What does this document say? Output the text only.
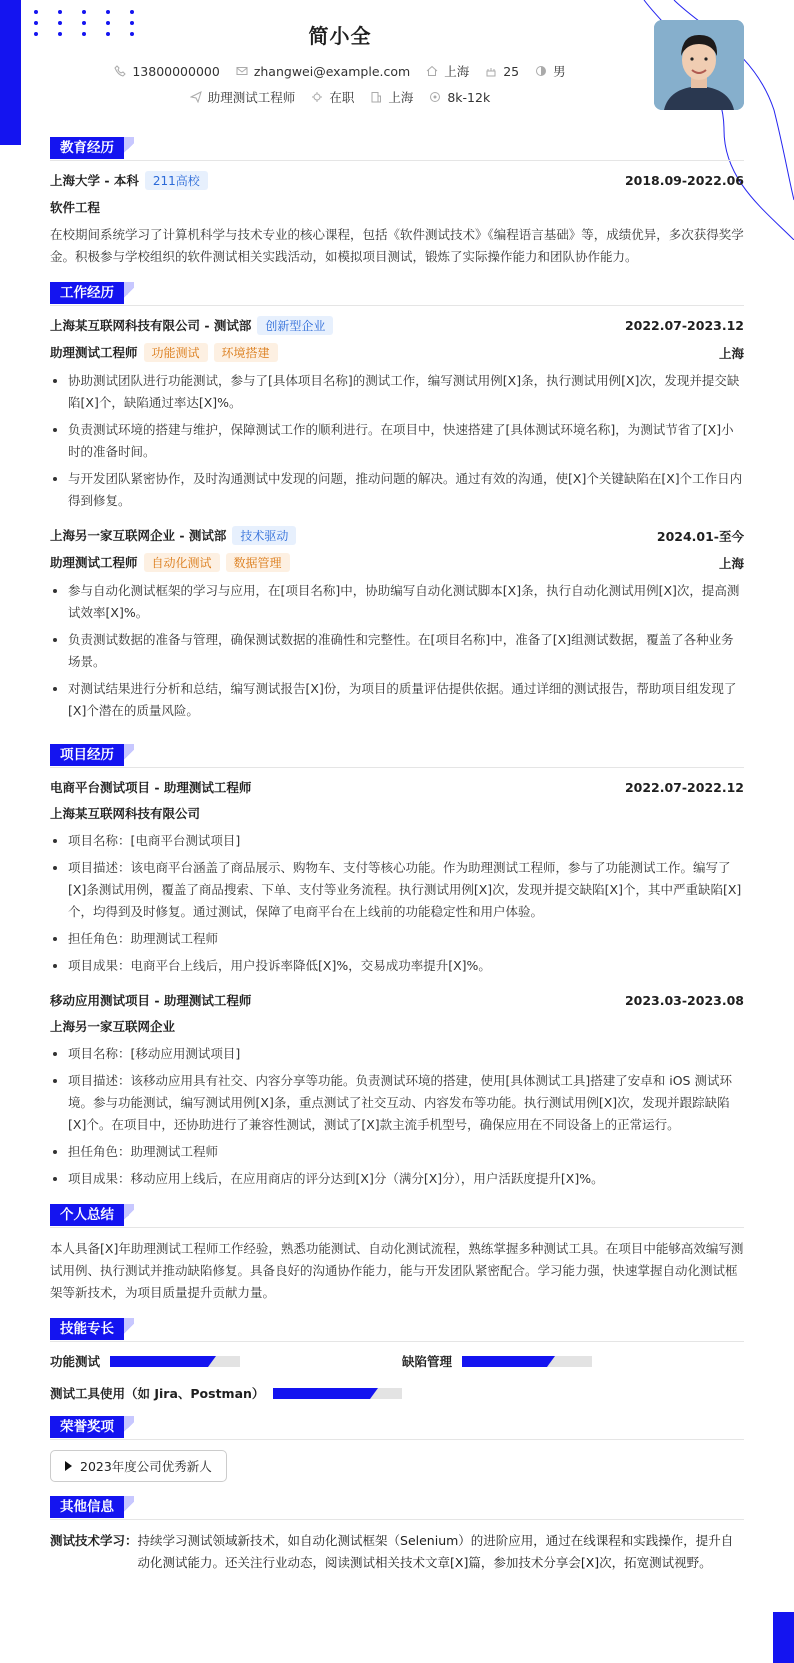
简小全
13800000000	zhangwei@example.com	上海	25	男
助理测试工程师	在职	上海	8k-12k
教育经历
上海大学 - 本科 211高校	2018.09-2022.06
软件工程
在校期间系统学习了计算机科学与技术专业的核心课程，包括《软件测试技术》《编程语言基础》等，成绩优异，多次获得奖学金。积极参与学校组织的软件测试相关实践活动，如模拟项目测试，锻炼了实际操作能力和团队协作能力。
工作经历
上海某互联网科技有限公司 - 测试部 创新型企业	2022.07-2023.12
助理测试工程师 功能测试 环境搭建	上海
• 协助测试团队进行功能测试，参与了[具体项目名称]的测试工作，编写测试用例[X]条，执行测试用例[X]次，发现并提交缺陷[X]个，缺陷通过率达[X]%。
• 负责测试环境的搭建与维护，保障测试工作的顺利进行。在项目中，快速搭建了[具体测试环境名称]，为测试节省了[X]小时的准备时间。
• 与开发团队紧密协作，及时沟通测试中发现的问题，推动问题的解决。通过有效的沟通，使[X]个关键缺陷在[X]个工作日内得到修复。
上海另一家互联网企业 - 测试部 技术驱动	2024.01-至今
助理测试工程师 自动化测试 数据管理	上海
• 参与自动化测试框架的学习与应用，在[项目名称]中，协助编写自动化测试脚本[X]条，执行自动化测试用例[X]次，提高测试效率[X]%。
• 负责测试数据的准备与管理，确保测试数据的准确性和完整性。在[项目名称]中，准备了[X]组测试数据，覆盖了各种业务场景。
• 对测试结果进行分析和总结，编写测试报告[X]份，为项目的质量评估提供依据。通过详细的测试报告，帮助项目组发现了[X]个潜在的质量风险。
项目经历
电商平台测试项目 - 助理测试工程师	2022.07-2022.12
上海某互联网科技有限公司
• 项目名称：[电商平台测试项目]
• 项目描述：该电商平台涵盖了商品展示、购物车、支付等核心功能。作为助理测试工程师，参与了功能测试工作。编写了[X]条测试用例，覆盖了商品搜索、下单、支付等业务流程。执行测试用例[X]次，发现并提交缺陷[X]个，其中严重缺陷[X]个，均得到及时修复。通过测试，保障了电商平台在上线前的功能稳定性和用户体验。
• 担任角色：助理测试工程师
• 项目成果：电商平台上线后，用户投诉率降低[X]%，交易成功率提升[X]%。
移动应用测试项目 - 助理测试工程师	2023.03-2023.08
上海另一家互联网企业
• 项目名称：[移动应用测试项目]
• 项目描述：该移动应用具有社交、内容分享等功能。负责测试环境的搭建，使用[具体测试工具]搭建了安卓和 iOS 测试环境。参与功能测试，编写测试用例[X]条，重点测试了社交互动、内容发布等功能。执行测试用例[X]次，发现并跟踪缺陷[X]个。在项目中，还协助进行了兼容性测试，测试了[X]款主流手机型号，确保应用在不同设备上的正常运行。
• 担任角色：助理测试工程师
• 项目成果：移动应用上线后，在应用商店的评分达到[X]分（满分[X]分），用户活跃度提升[X]%。
个人总结
本人具备[X]年助理测试工程师工作经验，熟悉功能测试、自动化测试流程，熟练掌握多种测试工具。在项目中能够高效编写测试用例、执行测试并推动缺陷修复。具备良好的沟通协作能力，能与开发团队紧密配合。学习能力强，快速掌握自动化测试框架等新技术，为项目质量提升贡献力量。
技能专长
功能测试	缺陷管理
测试工具使用（如 Jira、Postman）
荣誉奖项
2023年度公司优秀新人
其他信息
测试技术学习： 持续学习测试领域新技术，如自动化测试框架（Selenium）的进阶应用，通过在线课程和实践操作，提升自动化测试能力。还关注行业动态，阅读测试相关技术文章[X]篇，参加技术分享会[X]次，拓宽测试视野。
